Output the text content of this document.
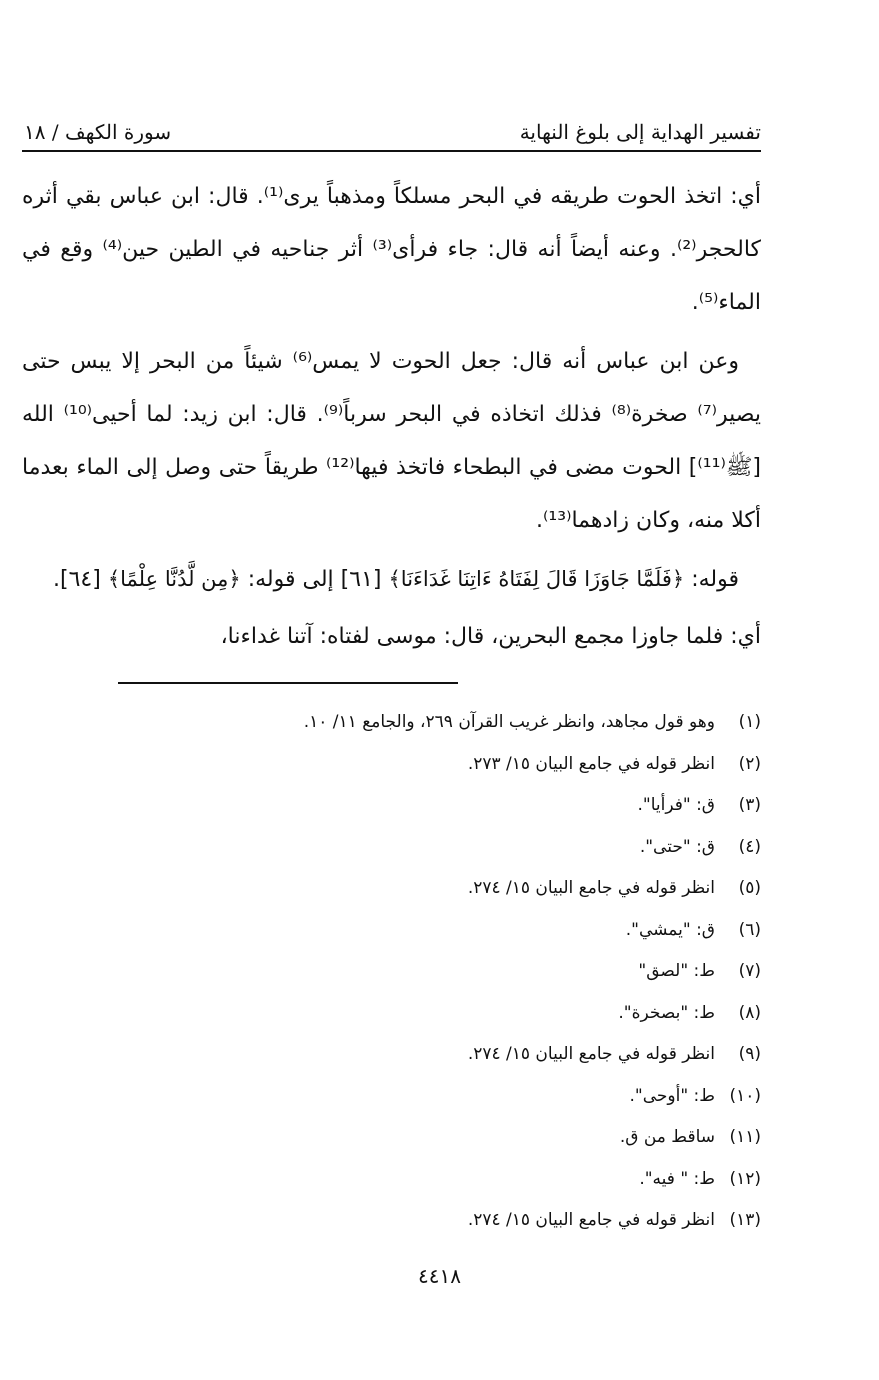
تفسير الهداية إلى بلوغ النهاية
سورة الكهف / ١٨

أي: اتخذ الحوت طريقه في البحر مسلكاً ومذهباً يرى⁽¹⁾. قال: ابن عباس بقي أثره كالحجر⁽²⁾. وعنه أيضاً أنه قال: جاء فرأى⁽³⁾ أثر جناحيه في الطين حين⁽⁴⁾ وقع في الماء⁽⁵⁾.

وعن ابن عباس أنه قال: جعل الحوت لا يمس⁽⁶⁾ شيئاً من البحر إلا يبس حتى يصير⁽⁷⁾ صخرة⁽⁸⁾ فذلك اتخاذه في البحر سرباً⁽⁹⁾. قال: ابن زيد: لما أحيى⁽¹⁰⁾ الله [ﷺ⁽¹¹⁾] الحوت مضى في البطحاء فاتخذ فيها⁽¹²⁾ طريقاً حتى وصل إلى الماء بعدما أكلا منه، وكان زادهما⁽¹³⁾.

قوله: ﴿فَلَمَّا جَاوَزَا قَالَ لِفَتَاهُ ءَاتِنَا غَدَاءَنَا﴾ [٦١] إلى قوله: ﴿مِن لَّدُنَّا عِلْمًا﴾ [٦٤].

أي: فلما جاوزا مجمع البحرين، قال: موسى لفتاه: آتنا غداءنا،

(١)
وهو قول مجاهد، وانظر غريب القرآن ٢٦٩، والجامع ١١/ ١٠.
(٢)
انظر قوله في جامع البيان ١٥/ ٢٧٣.
(٣)
ق: "فرأيا".
(٤)
ق: "حتى".
(٥)
انظر قوله في جامع البيان ١٥/ ٢٧٤.
(٦)
ق: "يمشي".
(٧)
ط: "لصق"
(٨)
ط: "بصخرة".
(٩)
انظر قوله في جامع البيان ١٥/ ٢٧٤.
(١٠)
ط: "أوحى".
(١١)
ساقط من ق.
(١٢)
ط: " فيه".
(١٣)
انظر قوله في جامع البيان ١٥/ ٢٧٤.
٤٤١٨
